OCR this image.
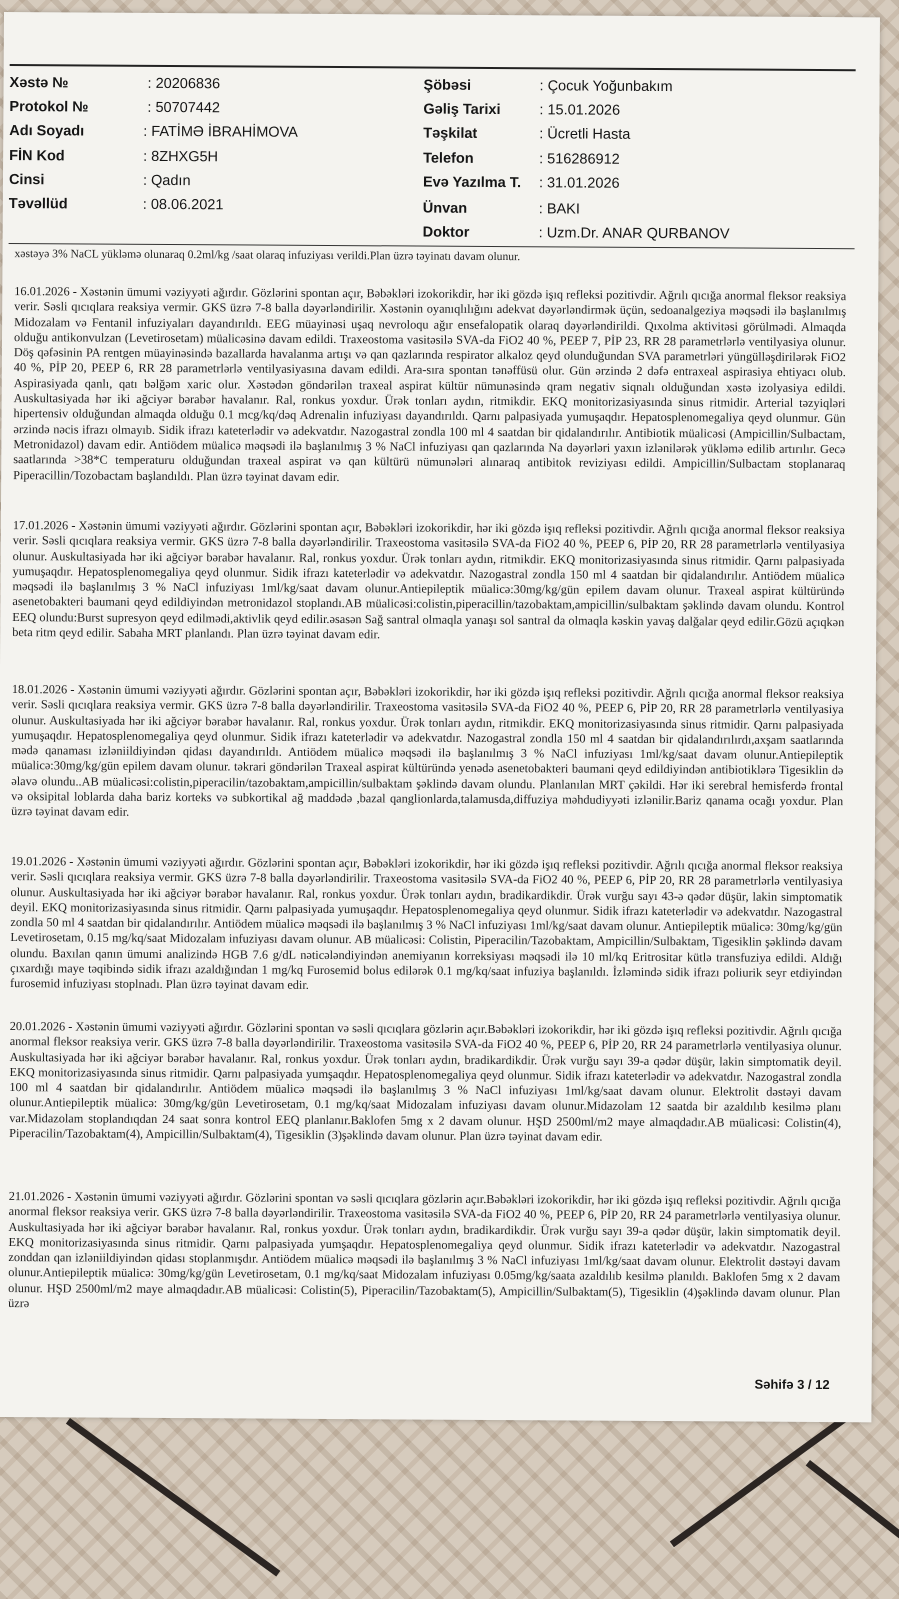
Xəstə №	: 20206836
Protokol №	: 50707442
Adı Soyadı	: FATİMƏ İBRAHİMOVA
FİN Kod	: 8ZHXG5H
Cinsi	: Qadın
Təvəllüd	: 08.06.2021
Şöbəsi	: Çocuk Yoğunbakım
Gəliş Tarixi	: 15.01.2026
Təşkilat	: Ücretli Hasta
Telefon	: 516286912
Evə Yazılma T. : 31.01.2026
Ünvan	: BAKI
Doktor	: Uzm.Dr. ANAR QURBANOV
xəstəyə 3% NaCL yükləmə olunaraq 0.2ml/kg /saat olaraq infuziyası verildi.Plan üzrə təyinatı davam olunur.
16.01.2026 - Xəstənin ümumi vəziyyəti ağırdır. Gözlərini spontan açır, Bəbəkləri izokorikdir, hər iki gözdə işıq refleksi pozitivdir. Ağrılı qıcığa anormal fleksor reaksiya verir. Səsli qıcıqlara reaksiya vermir. GKS üzrə 7-8 balla dəyərləndirilir. Xəstənin oyanıqlılığını adekvat dəyərləndirmək üçün, sedoanalgeziya məqsədi ilə başlanılmış Midozalam və Fentanil infuziyaları dayandırıldı. EEG müayinəsi uşaq nevroloqu ağır ensefalopatik olaraq dəyərləndirildi. Qıxolma aktivitəsi görülmədi. Almaqda olduğu antikonvulzan (Levetirosetam) müalicəsinə davam edildi. Traxeostoma vasitəsilə SVA-da FiO2 40 %, PEEP 7, PİP 23, RR 28 parametrlərlə ventilyasiya olunur. Döş qəfəsinin PA rentgen müayinəsində bazallarda havalanma artışı və qan qazlarında respirator alkaloz qeyd olunduğundan SVA parametrləri yüngülləşdirilərək FiO2 40 %, PİP 20, PEEP 6, RR 28 parametrlərlə ventilyasiyasına davam edildi. Ara-sıra spontan tənəffüsü olur. Gün ərzində 2 dəfə entraxeal aspirasiya ehtiyacı olub. Aspirasiyada qanlı, qatı bəlğəm xaric olur. Xəstədən göndərilən traxeal aspirat kültür nümunəsində qram negativ siqnalı olduğundan xəstə izolyasiya edildi. Auskultasiyada hər iki ağciyər bərabər havalanır. Ral, ronkus yoxdur. Ürək tonları aydın, ritmikdir. EKQ monitorizasiyasında sinus ritmidir. Arterial təzyiqləri hipertensiv olduğundan almaqda olduğu 0.1 mcg/kq/dəq Adrenalin infuziyası dayandırıldı. Qarnı palpasiyada yumuşaqdır. Hepatosplenomegaliya qeyd olunmur. Gün ərzində nəcis ifrazı olmayıb. Sidik ifrazı kateterlədir və adekvatdır. Nazogastral zondla 100 ml 4 saatdan bir qidalandırılır. Antibiotik müalicəsi (Ampicillin/Sulbactam, Metronidazol) davam edir. Antiödem müalicə məqsədi ilə başlanılmış 3 % NaCl infuziyası qan qazlarında Na dəyərləri yaxın izlənilərək yükləmə edilib artırılır. Gecə saatlarında >38*C temperaturu olduğundan traxeal aspirat və qan kültürü nümunələri alınaraq antibitok reviziyası edildi. Ampicillin/Sulbactam stoplanaraq Piperacillin/Tozobactam başlandıldı. Plan üzrə təyinat davam edir.
17.01.2026 - Xəstənin ümumi vəziyyəti ağırdır. Gözlərini spontan açır, Bəbəkləri izokorikdir, hər iki gözdə işıq refleksi pozitivdir. Ağrılı qıcığa anormal fleksor reaksiya verir. Səsli qıcıqlara reaksiya vermir. GKS üzrə 7-8 balla dəyərləndirilir. Traxeostoma vasitəsilə SVA-da FiO2 40 %, PEEP 6, PİP 20, RR 28 parametrlərlə ventilyasiya olunur. Auskultasiyada hər iki ağciyər bərabər havalanır. Ral, ronkus yoxdur. Ürək tonları aydın, ritmikdir. EKQ monitorizasiyasında sinus ritmidir. Qarnı palpasiyada yumuşaqdır. Hepatosplenomegaliya qeyd olunmur. Sidik ifrazı kateterlədir və adekvatdır. Nazogastral zondla 150 ml 4 saatdan bir qidalandırılır. Antiödem müalicə məqsədi ilə başlanılmış 3 % NaCl infuziyası 1ml/kg/saat davam olunur.Antiepileptik müalicə:30mg/kg/gün epilem davam olunur. Traxeal aspirat kültüründə asenetobakteri baumani qeyd edildiyindən metronidazol stoplandı.AB müalicəsi:colistin,piperacillin/tazobaktam,ampicillin/sulbaktam şəklində davam olundu. Kontrol EEQ olundu:Burst supresyon qeyd edilmədi,aktivlik qeyd edilir.əsasən Sağ santral olmaqla yanaşı sol santral da olmaqla kəskin yavaş dalğalar qeyd edilir.Gözü açıqkən beta ritm qeyd edilir. Sabaha MRT planlandı. Plan üzrə təyinat davam edir.
18.01.2026 - Xəstənin ümumi vəziyyəti ağırdır. Gözlərini spontan açır, Bəbəkləri izokorikdir, hər iki gözdə işıq refleksi pozitivdir. Ağrılı qıcığa anormal fleksor reaksiya verir. Səsli qıcıqlara reaksiya vermir. GKS üzrə 7-8 balla dəyərləndirilir. Traxeostoma vasitəsilə SVA-da FiO2 40 %, PEEP 6, PİP 20, RR 28 parametrlərlə ventilyasiya olunur. Auskultasiyada hər iki ağciyər bərabər havalanır. Ral, ronkus yoxdur. Ürək tonları aydın, ritmikdir. EKQ monitorizasiyasında sinus ritmidir. Qarnı palpasiyada yumuşaqdır. Hepatosplenomegaliya qeyd olunmur. Sidik ifrazı kateterlədir və adekvatdır. Nazogastral zondla 150 ml 4 saatdan bir qidalandırılırdı,axşam saatlarında mədə qanaması izləniildiyindən qidası dayandırıldı. Antiödem müalicə məqsədi ilə başlanılmış 3 % NaCl infuziyası 1ml/kg/saat davam olunur.Antiepileptik müalicə:30mg/kg/gün epilem davam olunur. təkrari göndərilən Traxeal aspirat kültüründə yenədə asenetobakteri baumani qeyd edildiyindən antibiotiklərə Tigesiklin də əlavə olundu..AB müalicəsi:colistin,piperacilin/tazobaktam,ampicillin/sulbaktam şəklində davam olundu. Planlanılan MRT çəkildi. Hər iki serebral hemisferdə frontal və oksipital loblarda daha bariz korteks və subkortikal ağ maddədə ,bazal qanglionlarda,talamusda,diffuziya məhdudiyyəti izlənilir.Bariz qanama ocağı yoxdur. Plan üzrə təyinat davam edir.
19.01.2026 - Xəstənin ümumi vəziyyəti ağırdır. Gözlərini spontan açır, Bəbəkləri izokorikdir, hər iki gözdə işıq refleksi pozitivdir. Ağrılı qıcığa anormal fleksor reaksiya verir. Səsli qıcıqlara reaksiya vermir. GKS üzrə 7-8 balla dəyərləndirilir. Traxeostoma vasitəsilə SVA-da FiO2 40 %, PEEP 6, PİP 20, RR 28 parametrlərlə ventilyasiya olunur. Auskultasiyada hər iki ağciyər bərabər havalanır. Ral, ronkus yoxdur. Ürək tonları aydın, bradikardikdir. Ürək vurğu sayı 43-ə qədər düşür, lakin simptomatik deyil. EKQ monitorizasiyasında sinus ritmidir. Qarnı palpasiyada yumuşaqdır. Hepatosplenomegaliya qeyd olunmur. Sidik ifrazı kateterlədir və adekvatdır. Nazogastral zondla 50 ml 4 saatdan bir qidalandırılır. Antiödem müalicə məqsədi ilə başlanılmış 3 % NaCl infuziyası 1ml/kg/saat davam olunur. Antiepileptik müalicə: 30mg/kg/gün Levetirosetam, 0.15 mg/kq/saat Midozalam infuziyası davam olunur. AB müalicəsi: Colistin, Piperacilin/Tazobaktam, Ampicillin/Sulbaktam, Tigesiklin şəklində davam olundu. Baxılan qanın ümumi analizində HGB 7.6 g/dL nəticələndiyindən anemiyanın korreksiyası məqsədi ilə 10 ml/kq Eritrositar kütlə transfuziya edildi. Aldığı çıxardığı maye təqibində sidik ifrazı azaldığından 1 mg/kq Furosemid bolus edilərək 0.1 mg/kq/saat infuziya başlanıldı. İzləmində sidik ifrazı poliurik seyr etdiyindən furosemid infuziyası stoplnadı. Plan üzrə təyinat davam edir.
20.01.2026 - Xəstənin ümumi vəziyyəti ağırdır. Gözlərini spontan və səsli qıcıqlara gözlərin açır.Bəbəkləri izokorikdir, hər iki gözdə işıq refleksi pozitivdir. Ağrılı qıcığa anormal fleksor reaksiya verir. GKS üzrə 7-8 balla dəyərləndirilir. Traxeostoma vasitəsilə SVA-da FiO2 40 %, PEEP 6, PİP 20, RR 24 parametrlərlə ventilyasiya olunur. Auskultasiyada hər iki ağciyər bərabər havalanır. Ral, ronkus yoxdur. Ürək tonları aydın, bradikardikdir. Ürək vurğu sayı 39-a qədər düşür, lakin simptomatik deyil. EKQ monitorizasiyasında sinus ritmidir. Qarnı palpasiyada yumşaqdır. Hepatosplenomegaliya qeyd olunmur. Sidik ifrazı kateterlədir və adekvatdır. Nazogastral zondla 100 ml 4 saatdan bir qidalandırılır. Antiödem müalicə məqsədi ilə başlanılmış 3 % NaCl infuziyası 1ml/kg/saat davam olunur. Elektrolit dəstəyi davam olunur.Antiepileptik müalicə: 30mg/kg/gün Levetirosetam, 0.1 mg/kq/saat Midozalam infuziyası davam olunur.Midazolam 12 saatda bir azaldılıb kesilmə planı var.Midazolam stoplandıqdan 24 saat sonra kontrol EEQ planlanır.Baklofen 5mg x 2 davam olunur. HŞD 2500ml/m2 maye almaqdadır.AB müalicəsi: Colistin(4), Piperacilin/Tazobaktam(4), Ampicillin/Sulbaktam(4), Tigesiklin (3)şəklində davam olunur. Plan üzrə təyinat davam edir.
21.01.2026 - Xəstənin ümumi vəziyyəti ağırdır. Gözlərini spontan və səsli qıcıqlara gözlərin açır.Bəbəkləri izokorikdir, hər iki gözdə işıq refleksi pozitivdir. Ağrılı qıcığa anormal fleksor reaksiya verir. GKS üzrə 7-8 balla dəyərləndirilir. Traxeostoma vasitəsilə SVA-da FiO2 40 %, PEEP 6, PİP 20, RR 24 parametrlərlə ventilyasiya olunur. Auskultasiyada hər iki ağciyər bərabər havalanır. Ral, ronkus yoxdur. Ürək tonları aydın, bradikardikdir. Ürək vurğu sayı 39-a qədər düşür, lakin simptomatik deyil. EKQ monitorizasiyasında sinus ritmidir. Qarnı palpasiyada yumşaqdır. Hepatosplenomegaliya qeyd olunmur. Sidik ifrazı kateterlədir və adekvatdır. Nazogastral zonddan qan izləniildiyindən qidası stoplanmışdır. Antiödem müalicə məqsədi ilə başlanılmış 3 % NaCl infuziyası 1ml/kg/saat davam olunur. Elektrolit dəstəyi davam olunur.Antiepileptik müalicə: 30mg/kg/gün Levetirosetam, 0.1 mg/kq/saat Midozalam infuziyası 0.05mg/kg/saata azaldılıb kesilmə planıldı. Baklofen 5mg x 2 davam olunur. HŞD 2500ml/m2 maye almaqdadır.AB müalicəsi: Colistin(5), Piperacilin/Tazobaktam(5), Ampicillin/Sulbaktam(5), Tigesiklin (4)şəklində davam olunur. Plan üzrə
Səhifə 3 / 12
